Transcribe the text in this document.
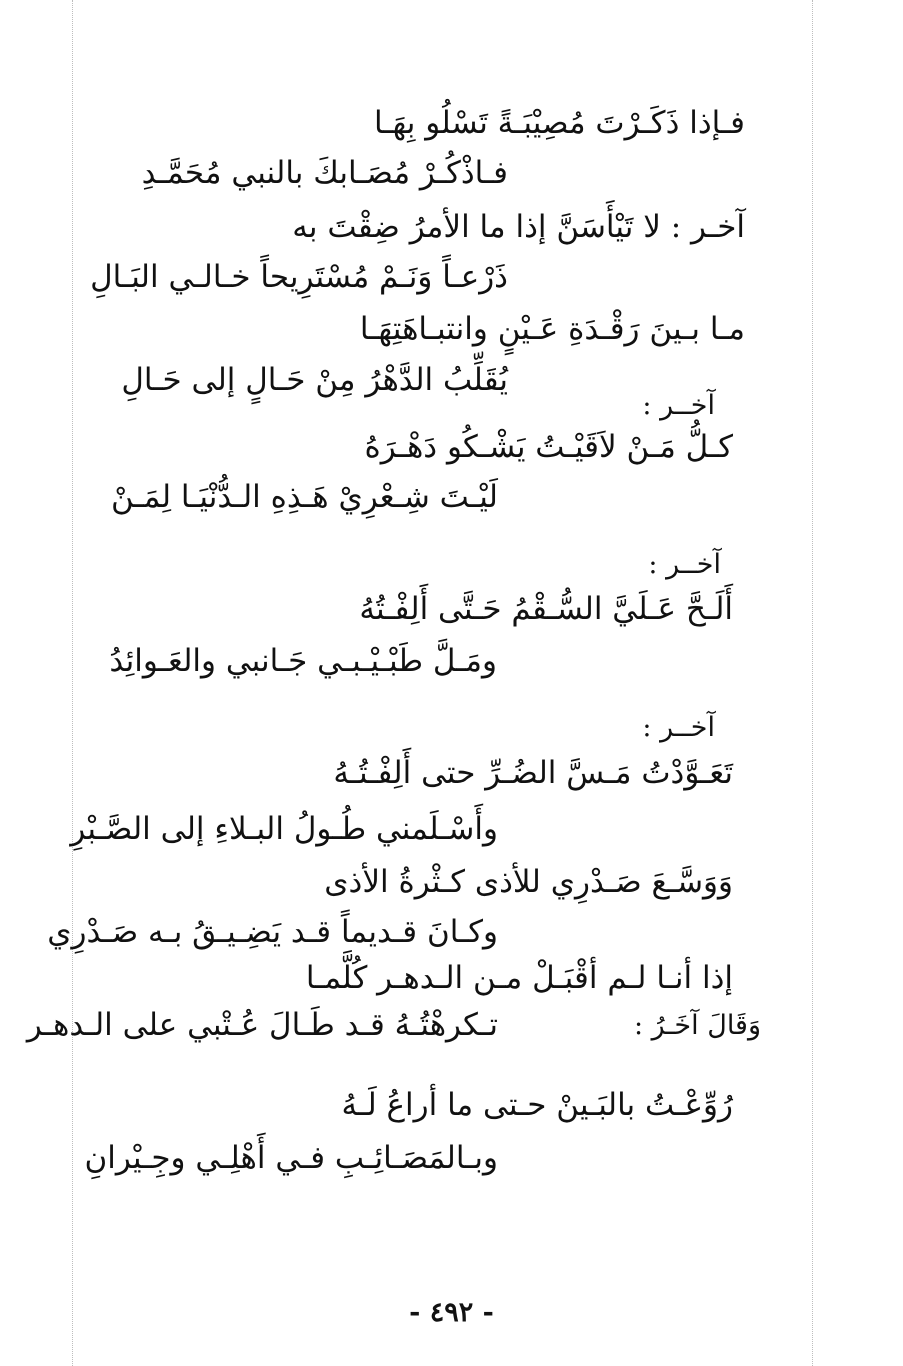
فـإذا ذَكَـرْتَ مُصِيْبَـةً تَسْلُو بِهَـا
فـاذْكُـرْ مُصَـابكَ بالنبي مُحَمَّـدِ
آخـر : لا تَيْأَسَنَّ إذا ما الأمرُ ضِقْتَ به
ذَرْعـاً وَنَـمْ مُسْتَرِيحاً خـالـي البَـالِ
مـا بـينَ رَقْـدَةِ عَـيْنٍ وانتبـاهَتِهَـا
يُقَلِّبُ الدَّهْرُ مِنْ حَـالٍ إلى حَـالِ
آخــر :
كـلُّ مَـنْ لاَقَيْـتُ يَشْـكُو دَهْـرَهُ
لَيْـتَ شِـعْرِيْ هَـذِهِ الـدُّنْيَـا لِمَـنْ
آخــر :
أَلَـحَّ عَـلَيَّ السُّـقْمُ حَـتَّى أَلِفْـتُهُ
ومَـلَّ طَبْـيْـبـي جَـانبي والعَـوائِدُ
آخــر :
تَعَـوَّدْتُ مَـسَّ الضُـرِّ حتى أَلِفْـتُـهُ
وأَسْـلَمني طُـولُ البـلاءِ إلى الصَّـبْرِ
وَوَسَّـعَ صَـدْرِي للأذى كـثْرةُ الأذى
وكـانَ قـديماً قـد يَضِـيـقُ بـه صَـدْرِي
إذا أنـا لـم أقْبَـلْ مـن الـدهـر كُلَّمـا
تـكرهْتُـهُ قـد طَـالَ عُـتْبي على الـدهـر	وَقَالَ آخَـرُ :
رُوِّعْـتُ بالبَـينْ حـتى ما أراعُ لَـهُ
وبـالمَصَـائِـبِ فـي أَهْلِـي وجِـيْرانِ
- ٤٩٢ -
